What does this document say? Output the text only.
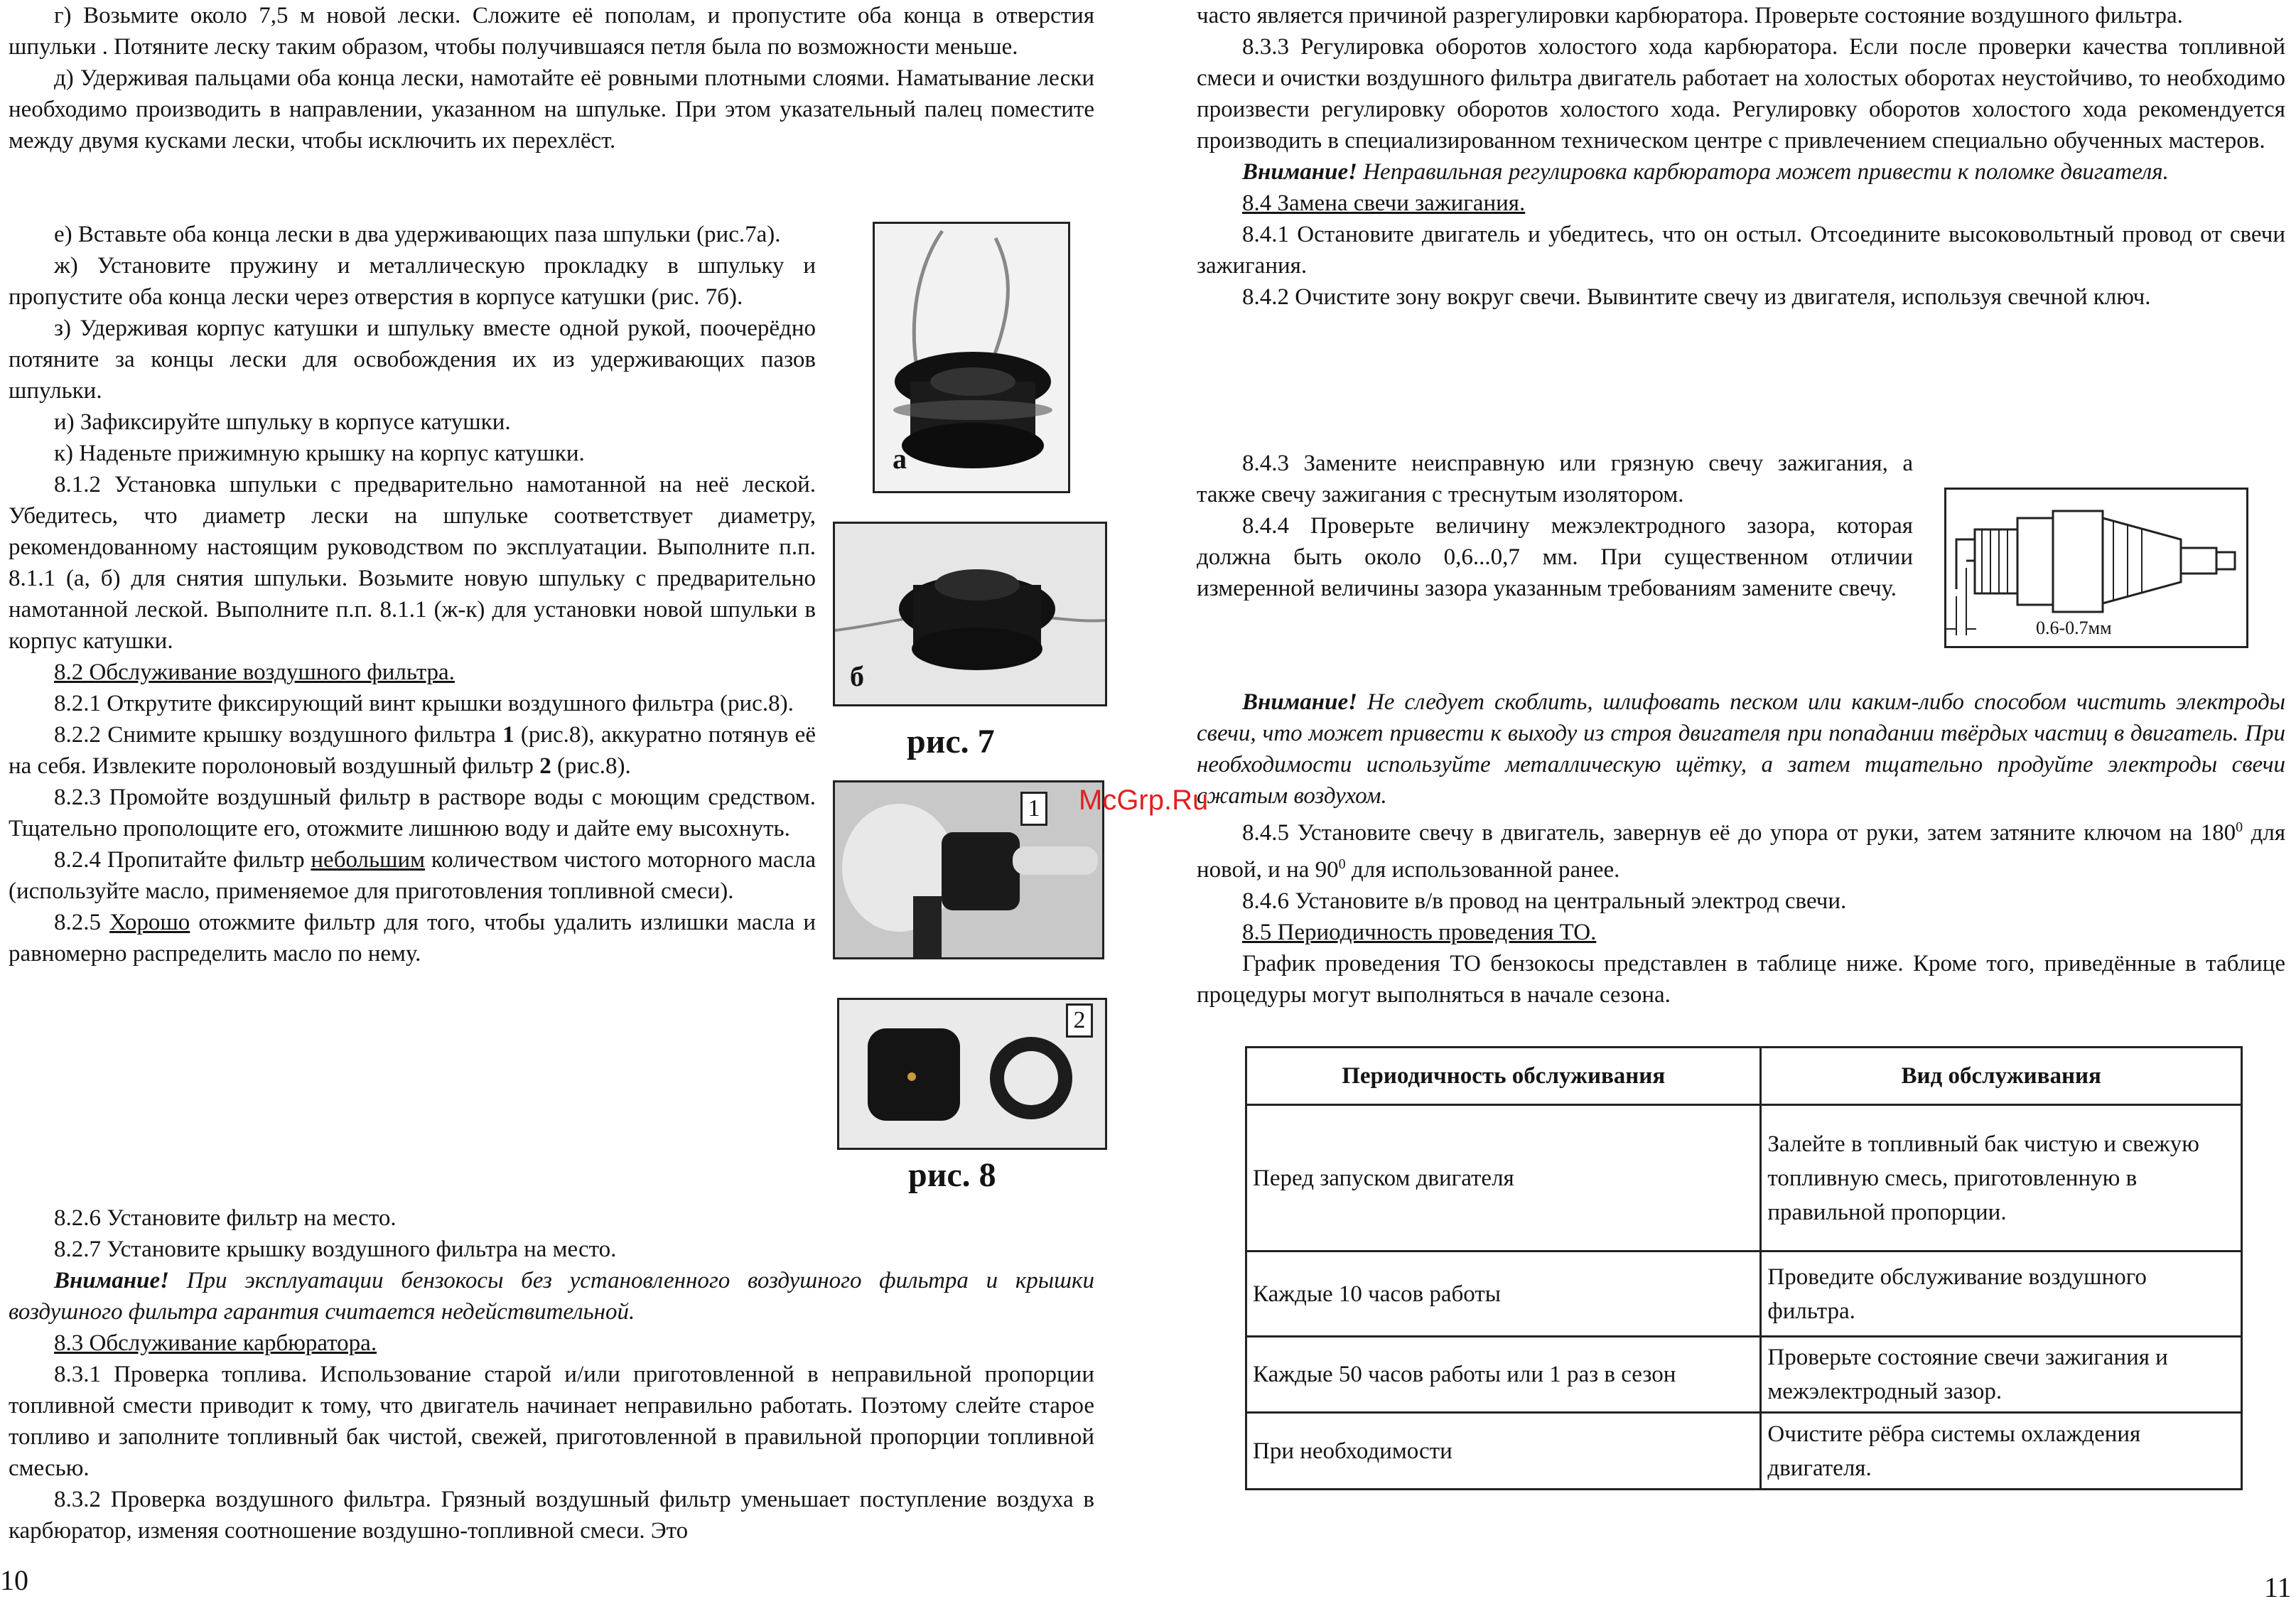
г) Возьмите около 7,5 м новой лески. Сложите её пополам, и пропустите оба конца в отверстия шпульки . Потяните леску таким образом, чтобы получившаяся петля была по возможности меньше.

д) Удерживая пальцами оба конца лески, намотайте её ровными плотными слоями. Наматывание лески необходимо производить в направлении, указанном на шпульке. При этом указательный палец поместите между двумя кусками лески, чтобы исключить их перехлёст.

е) Вставьте оба конца лески в два удерживающих паза шпульки (рис.7а).

ж) Установите пружину и металлическую прокладку в шпульку и пропустите оба конца лески через отверстия в корпусе катушки (рис. 7б).

з) Удерживая корпус катушки и шпульку вместе одной рукой, поочерёдно потяните за концы лески для освобождения их из удерживающих пазов шпульки.

и) Зафиксируйте шпульку в корпусе катушки.

к) Наденьте прижимную крышку на корпус катушки.

8.1.2 Установка шпульки с предварительно намотанной на неё леской. Убедитесь, что диаметр лески на шпульке соответствует диаметру, рекомендованному настоящим руководством по эксплуатации. Выполните п.п. 8.1.1 (а, б) для снятия шпульки. Возьмите новую шпульку с предварительно намотанной леской. Выполните п.п. 8.1.1 (ж-к) для установки новой шпульки в корпус катушки.

8.2 Обслуживание воздушного фильтра.

8.2.1 Открутите фиксирующий винт крышки воздушного фильтра (рис.8).

8.2.2 Снимите крышку воздушного фильтра 1 (рис.8), аккуратно потянув её на себя. Извлеките поролоновый воздушный фильтр 2 (рис.8).

8.2.3 Промойте воздушный фильтр в растворе воды с моющим средством. Тщательно прополощите его, отожмите лишнюю воду и дайте ему высохнуть.

8.2.4 Пропитайте фильтр небольшим количеством чистого моторного масла (используйте масло, применяемое для приготовления топливной смеси).

8.2.5 Хорошо отожмите фильтр для того, чтобы удалить излишки масла и равномерно распределить масло по нему.

8.2.6 Установите фильтр на место.

8.2.7 Установите крышку воздушного фильтра на место.

Внимание! При эксплуатации бензокосы без установленного воздушного фильтра и крышки воздушного фильтра гарантия считается недействительной.

8.3 Обслуживание карбюратора.

8.3.1 Проверка топлива. Использование старой и/или приготовленной в неправильной пропорции топливной смести приводит к тому, что двигатель начинает неправильно работать. Поэтому слейте старое топливо и заполните топливный бак чистой, свежей, приготовленной в правильной пропорции топливной смесью.

8.3.2 Проверка воздушного фильтра. Грязный воздушный фильтр уменьшает поступление воздуха в карбюратор, изменяя соотношение воздушно-топливной смеси. Это

а
б
рис. 7
1
2
рис. 8
10

часто является причиной разрегулировки карбюратора. Проверьте состояние воздушного фильтра.

8.3.3 Регулировка оборотов холостого хода карбюратора. Если после проверки качества топливной смеси и очистки воздушного фильтра двигатель работает на холостых оборотах неустойчиво, то необходимо произвести регулировку оборотов холостого хода. Регулировку оборотов холостого хода рекомендуется производить в специализированном техническом центре с привлечением специально обученных мастеров.

Внимание! Неправильная регулировка карбюратора может привести к поломке двигателя.

8.4 Замена свечи зажигания.

8.4.1 Остановите двигатель и убедитесь, что он остыл. Отсоедините высоковольтный провод от свечи зажигания.

8.4.2 Очистите зону вокруг свечи. Вывинтите свечу из двигателя, используя свечной ключ.

8.4.3 Замените неисправную или грязную свечу зажигания, а также свечу зажигания с треснутым изолятором.

8.4.4 Проверьте величину межэлектродного зазора, которая должна быть около 0,6...0,7 мм. При существенном отличии измеренной величины зазора указанным требованиям замените свечу.

0.6-0.7мм

Внимание! Не следует скоблить, шлифовать песком или каким-либо способом чистить электроды свечи, что может привести к выходу из строя двигателя при попадании твёрдых частиц в двигатель. При необходимости используйте металлическую щётку, а затем тщательно продуйте электроды свечи сжатым воздухом.

8.4.5 Установите свечу в двигатель, завернув её до упора от руки, затем затяните ключом на $180^0$ для новой, и на $90^0$ для использованной ранее.

8.4.6 Установите в/в провод на центральный электрод свечи.

8.5 Периодичность проведения ТО.

График проведения ТО бензокосы представлен в таблице ниже. Кроме того, приведённые в таблице процедуры могут выполняться в начале сезона.

Периодичность обслуживания	Вид обслуживания
Перед запуском двигателя	Залейте в топливный бак чистую и свежую топливную смесь, приготовленную в правильной пропорции.
Каждые 10 часов работы	Проведите обслуживание воздушного фильтра.
Каждые 50 часов работы или 1 раз в сезон	Проверьте состояние свечи зажигания и межэлектродный зазор.
При необходимости	Очистите рёбра системы охлаждения двигателя.
11
McGrp.Ru
